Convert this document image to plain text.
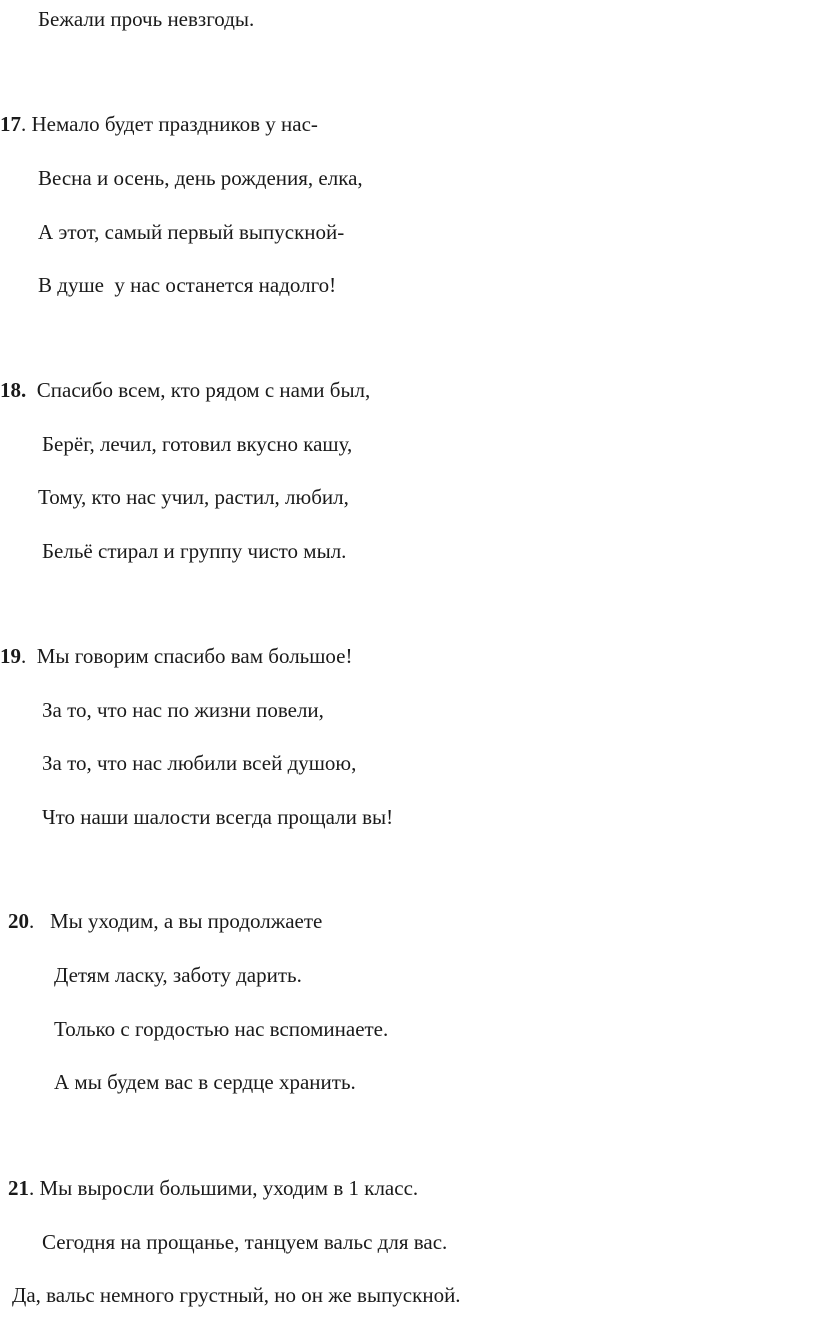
Бежали прочь невзгоды.
17. Немало будет праздников у нас-
Весна и осень, день рождения, елка,
А этот, самый первый выпускной-
В душе  у нас останется надолго!
18. Спасибо всем, кто рядом с нами был,
Берёг, лечил, готовил вкусно кашу,
Тому, кто нас учил, растил, любил,
Бельё стирал и группу чисто мыл.
19.  Мы говорим спасибо вам большое!
За то, что нас по жизни повели,
За то, что нас любили всей душою,
Что наши шалости всегда прощали вы!
20.   Мы уходим, а вы продолжаете
Детям ласку, заботу дарить.
Только с гордостью нас вспоминаете.
А мы будем вас в сердце хранить.
21. Мы выросли большими, уходим в 1 класс.
Сегодня на прощанье, танцуем вальс для вас.
Да, вальс немного грустный, но он же выпускной.
